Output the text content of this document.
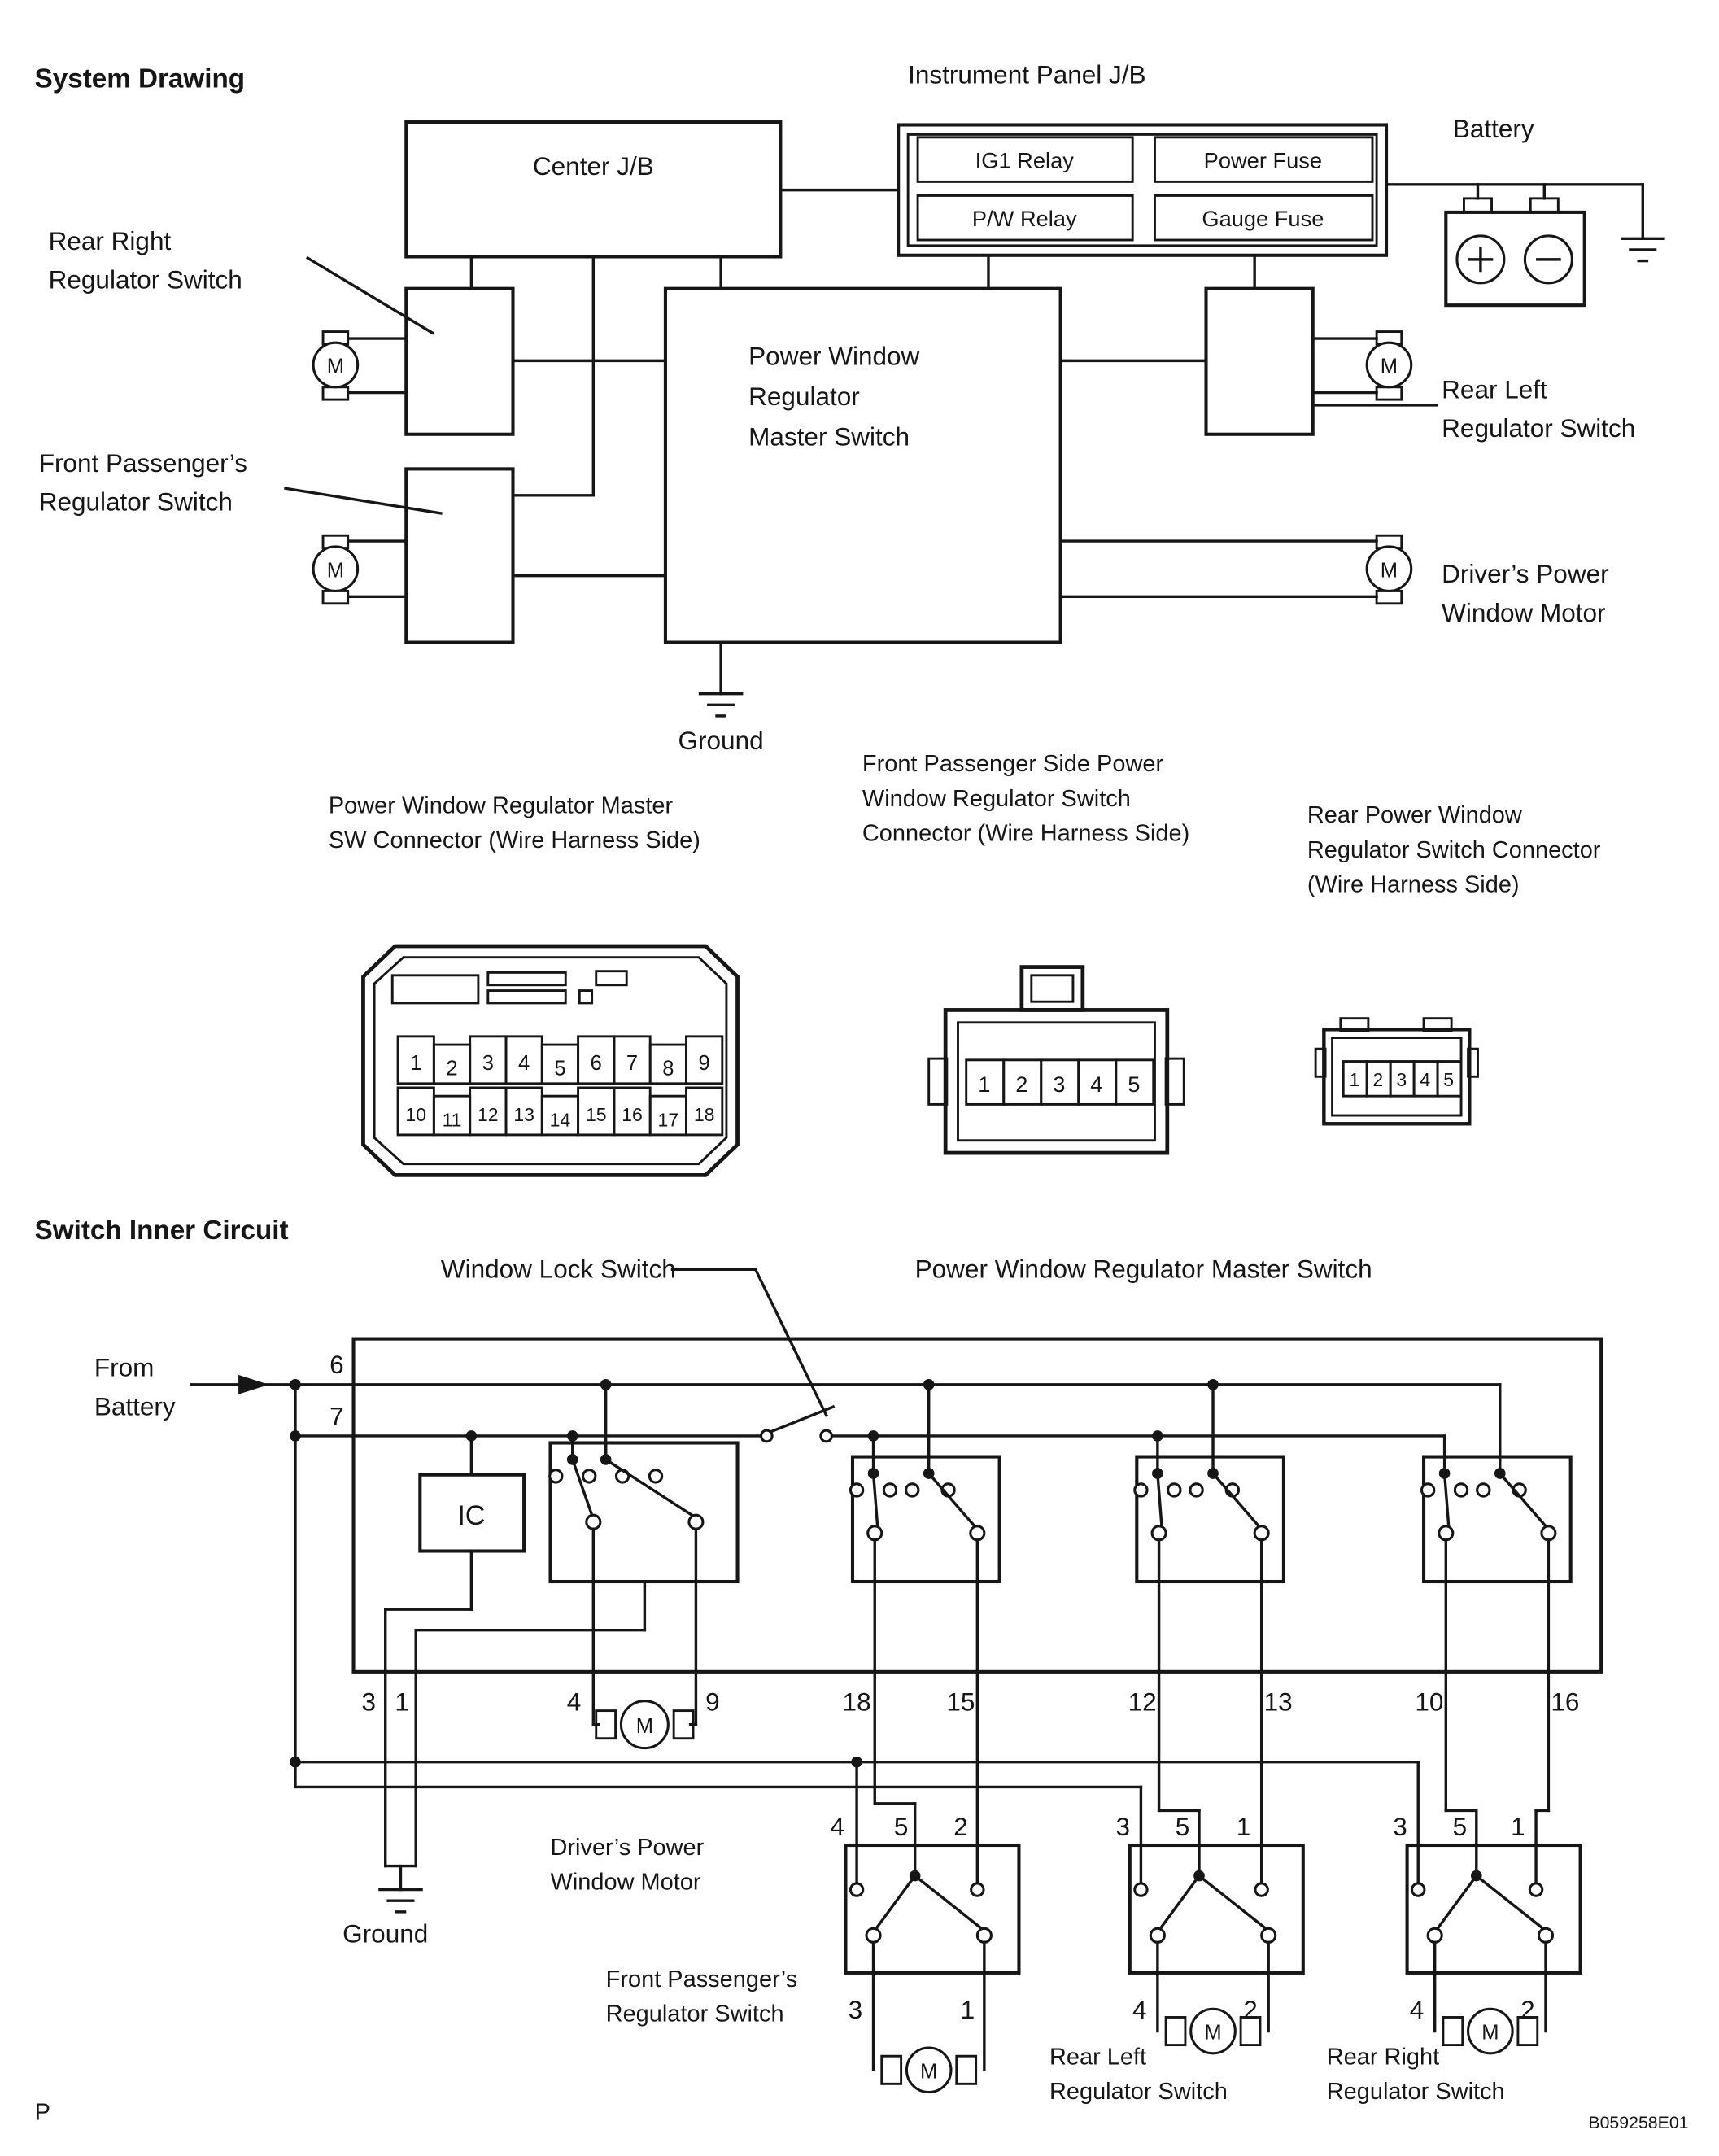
System Drawing	Instrument Panel J/B
Battery
Center J/B	IG1 Relay	Power Fuse
P/W Relay	Gauge Fuse
Ground
Power Window
Regulator
Master Switch
M
M
M
M
Rear Right
Regulator Switch
Front Passenger’s
Regulator Switch
Rear Left
Regulator Switch
Driver’s Power
Window Motor
Power Window Regulator Master
SW Connector (Wire Harness Side)
Front Passenger Side Power
Window Regulator Switch
Connector (Wire Harness Side)
Rear Power Window
Regulator Switch Connector
(Wire Harness Side)
1 2 3 4 5 6 7 8 9
10 11 12 13 14 15 16 17 18
1 2 3 4 5	1 2 3 4 5
Switch Inner Circuit
Window Lock Switch	Power Window Regulator Master Switch
From
Battery
6
7
IC
3 1	4	9	18	15	12	13	10	16
Ground
M
Driver’s Power
Window Motor
4	5	2
3	1
M
Front Passenger’s
Regulator Switch
3	5	1
4	2
M
Rear Left
Regulator Switch
3	5	1
4	2
M
Rear Right
Regulator Switch
P	B059258E01
